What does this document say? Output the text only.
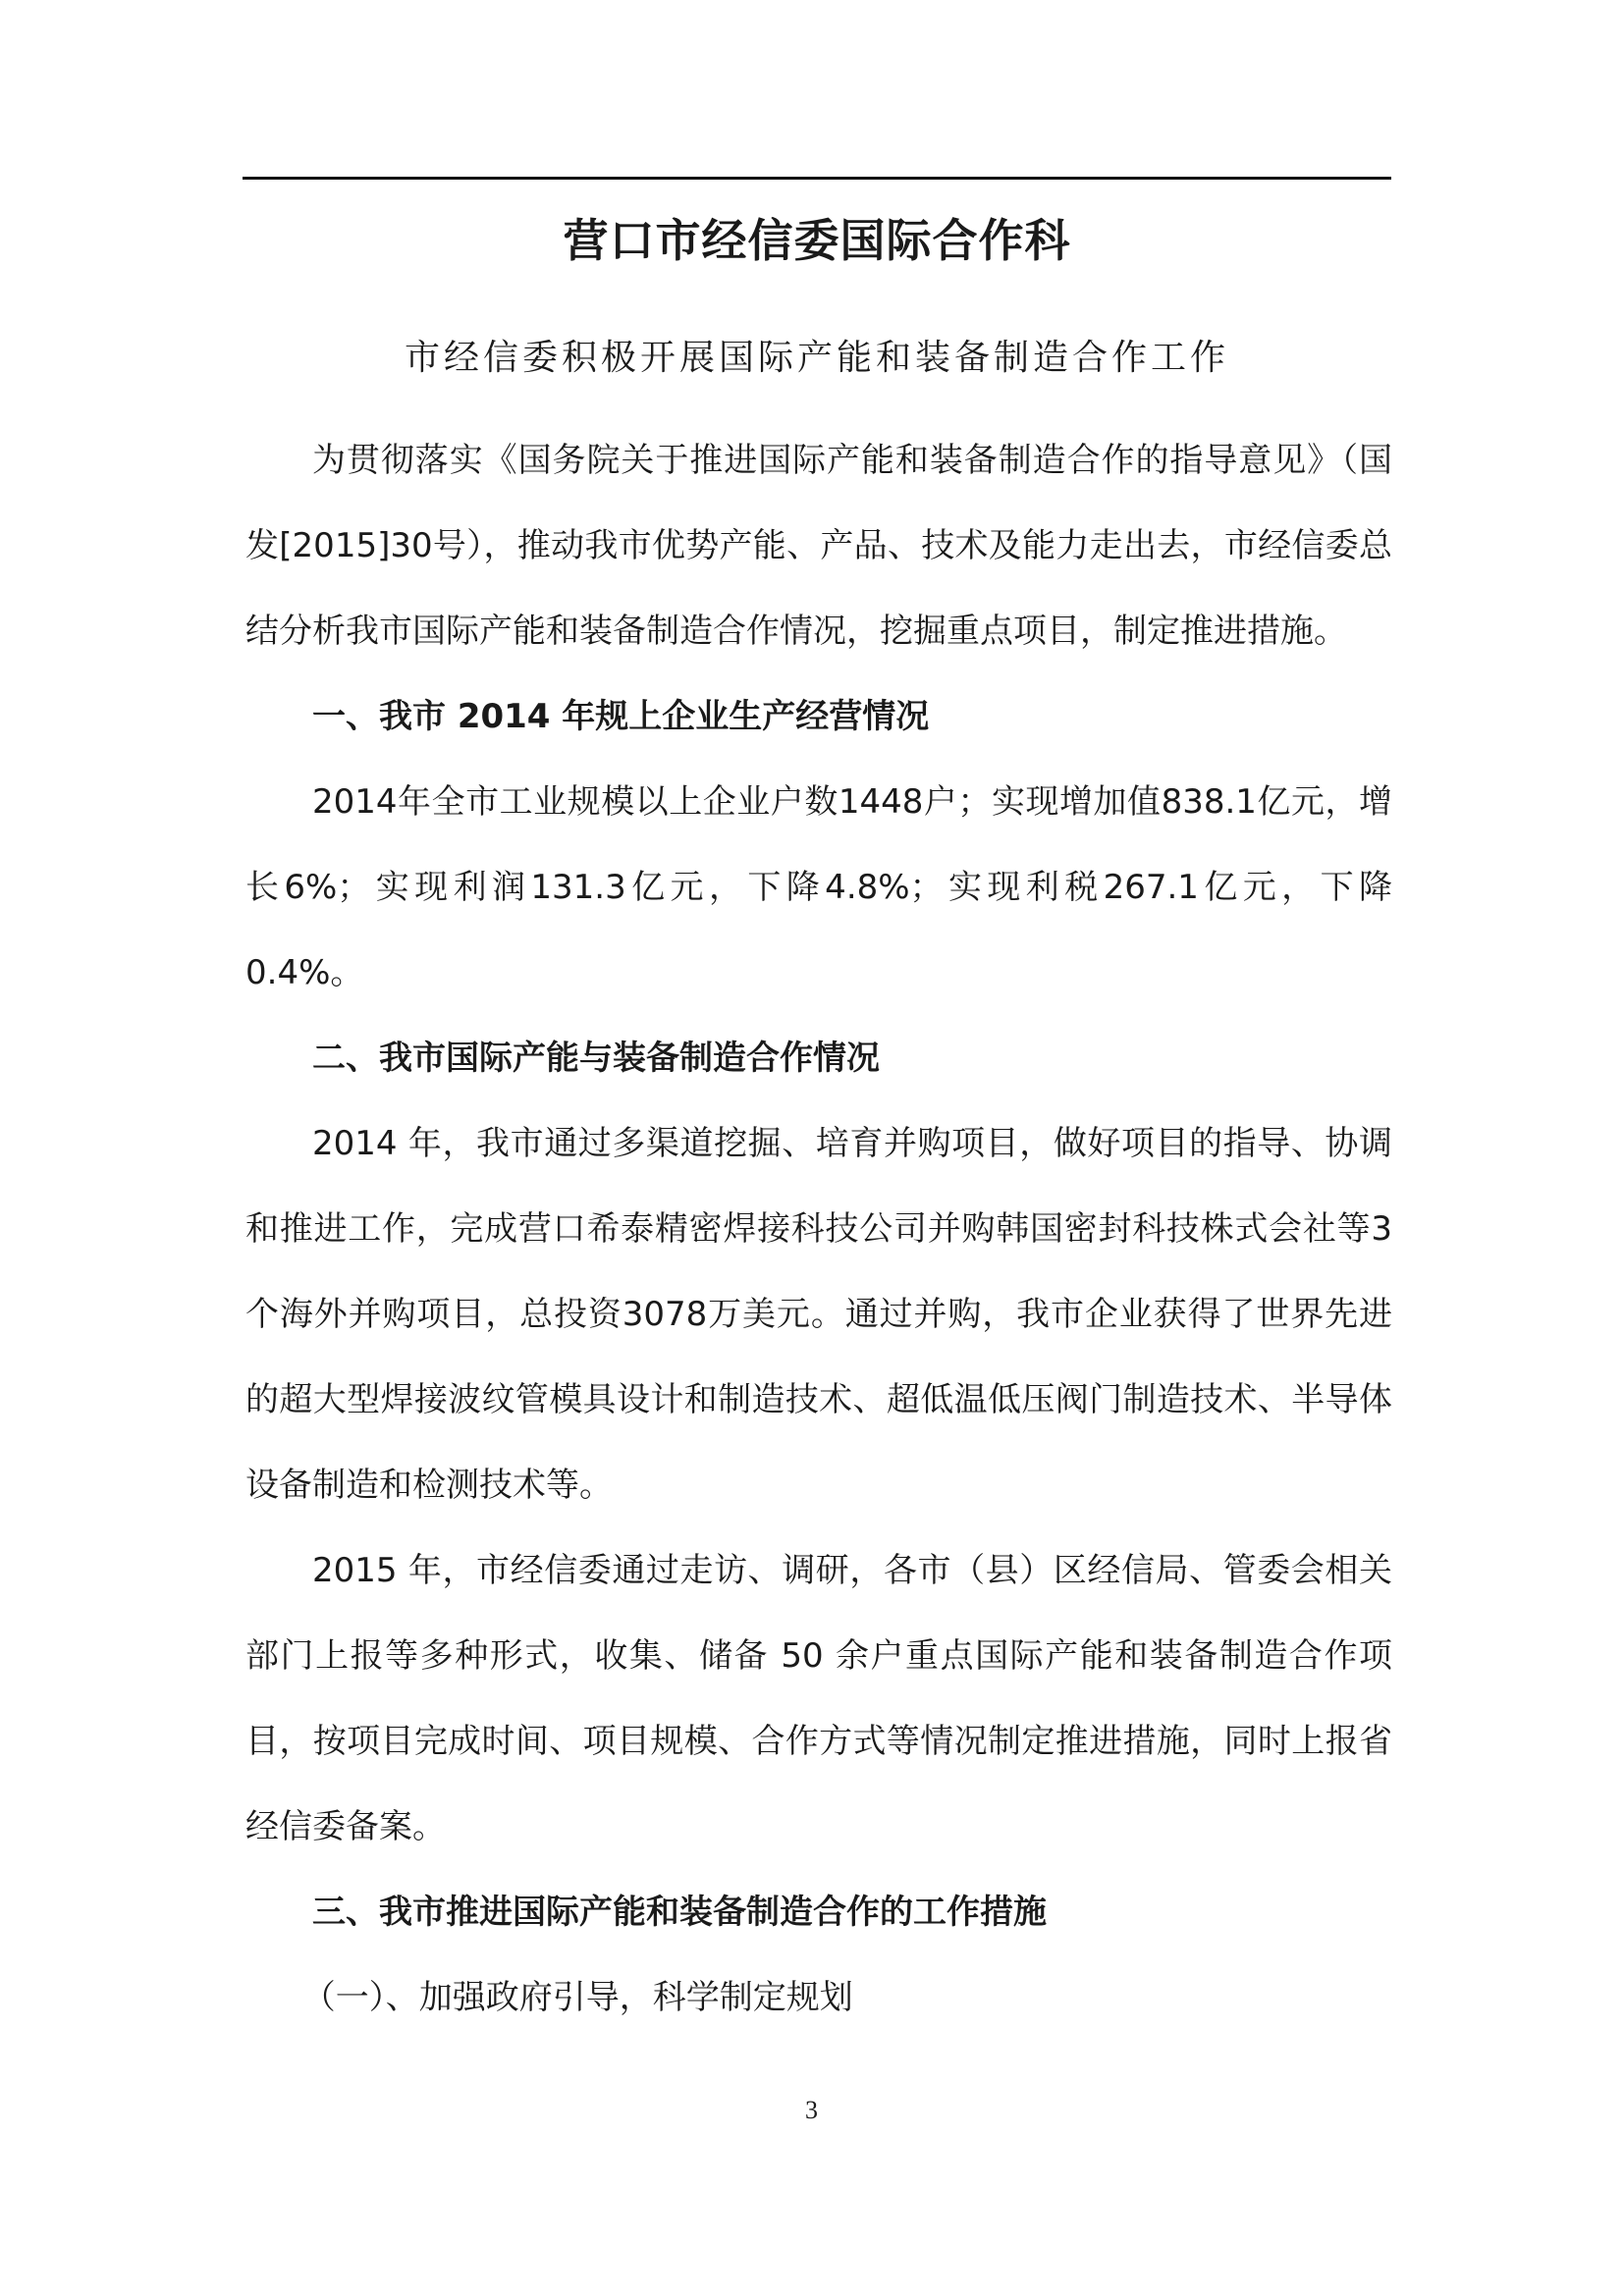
营口市经信委国际合作科
市经信委积极开展国际产能和装备制造合作工作

为贯彻落实《国务院关于推进国际产能和装备制造合作的指导意见》（国发[2015]30号），推动我市优势产能、产品、技术及能力走出去，市经信委总结分析我市国际产能和装备制造合作情况，挖掘重点项目，制定推进措施。

一、我市 2014 年规上企业生产经营情况

2014年全市工业规模以上企业户数1448户；实现增加值838.1亿元，增长6%；实现利润131.3亿元，下降4.8%；实现利税267.1亿元，下降0.4%。

二、我市国际产能与装备制造合作情况

2014 年，我市通过多渠道挖掘、培育并购项目，做好项目的指导、协调和推进工作，完成营口希泰精密焊接科技公司并购韩国密封科技株式会社等3个海外并购项目，总投资3078万美元。通过并购，我市企业获得了世界先进的超大型焊接波纹管模具设计和制造技术、超低温低压阀门制造技术、半导体设备制造和检测技术等。

2015 年，市经信委通过走访、调研，各市（县）区经信局、管委会相关部门上报等多种形式，收集、储备 50 余户重点国际产能和装备制造合作项目，按项目完成时间、项目规模、合作方式等情况制定推进措施，同时上报省经信委备案。

三、我市推进国际产能和装备制造合作的工作措施

（一）、加强政府引导，科学制定规划

3
